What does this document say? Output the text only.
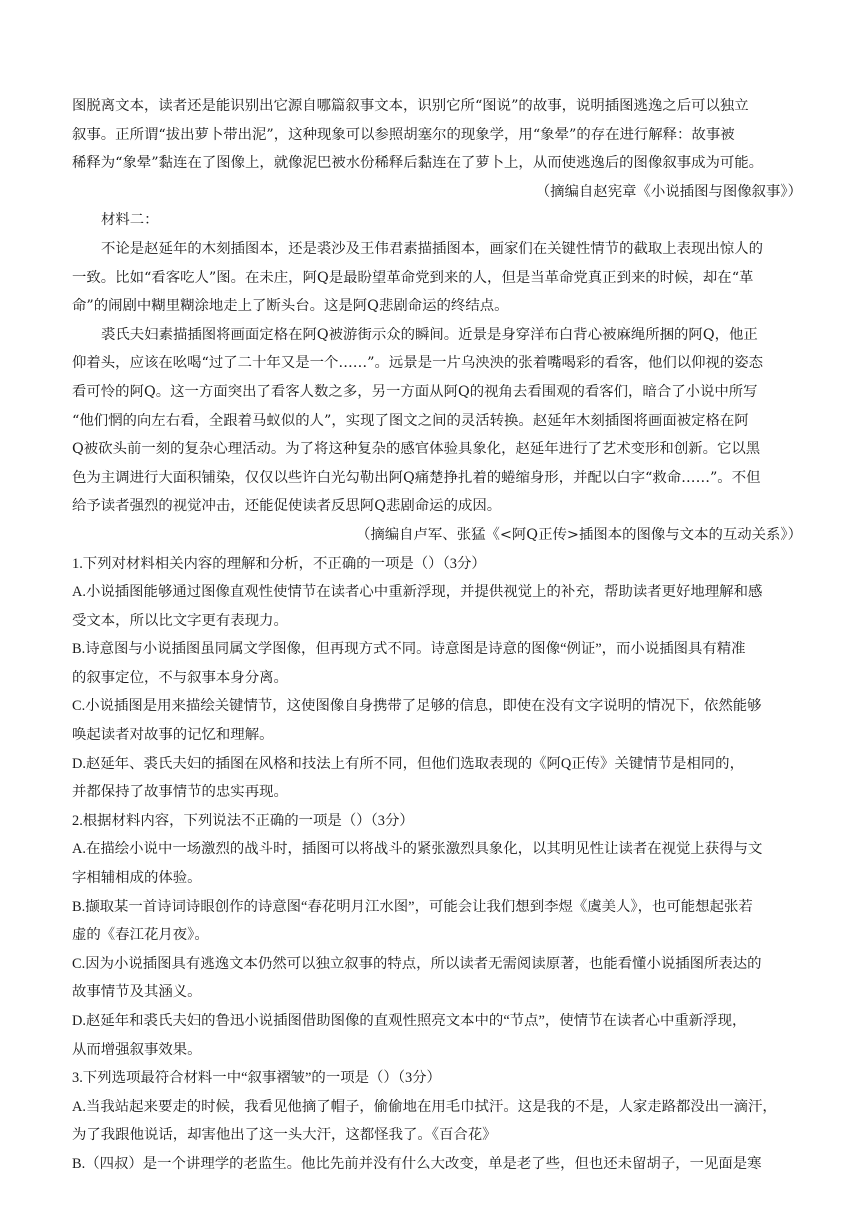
图脱离文本，读者还是能识别出它源自哪篇叙事文本，识别它所“图说”的故事，说明插图逃逸之后可以独立
叙事。正所谓“拔出萝卜带出泥”，这种现象可以参照胡塞尔的现象学，用“象晕”的存在进行解释：故事被
稀释为“象晕”黏连在了图像上，就像泥巴被水份稀释后黏连在了萝卜上，从而使逃逸后的图像叙事成为可能。
（摘编自赵宪章《小说插图与图像叙事》）
材料二：
不论是赵延年的木刻插图本，还是裘沙及王伟君素描插图本，画家们在关键性情节的截取上表现出惊人的
一致。比如“看客吃人”图。在未庄，阿Q是最盼望革命党到来的人，但是当革命党真正到来的时候，却在“革
命”的闹剧中糊里糊涂地走上了断头台。这是阿Q悲剧命运的终结点。
裘氏夫妇素描插图将画面定格在阿Q被游街示众的瞬间。近景是身穿洋布白背心被麻绳所捆的阿Q，他正
仰着头，应该在吆喝“过了二十年又是一个……”。远景是一片乌泱泱的张着嘴喝彩的看客，他们以仰视的姿态
看可怜的阿Q。这一方面突出了看客人数之多，另一方面从阿Q的视角去看围观的看客们，暗合了小说中所写
“他们惘的向左右看，全跟着马蚁似的人”，实现了图文之间的灵活转换。赵延年木刻插图将画面被定格在阿
Q被砍头前一刻的复杂心理活动。为了将这种复杂的感官体验具象化，赵延年进行了艺术变形和创新。它以黑
色为主调进行大面积铺染，仅仅以些许白光勾勒出阿Q痛楚挣扎着的蜷缩身形，并配以白字“救命……”。不但
给予读者强烈的视觉冲击，还能促使读者反思阿Q悲剧命运的成因。
（摘编自卢军、张猛《<阿Q正传>插图本的图像与文本的互动关系》）
1.下列对材料相关内容的理解和分析，不正确的一项是（）（3分）
A.小说插图能够通过图像直观性使情节在读者心中重新浮现，并提供视觉上的补充，帮助读者更好地理解和感
受文本，所以比文字更有表现力。
B.诗意图与小说插图虽同属文学图像，但再现方式不同。诗意图是诗意的图像“例证”，而小说插图具有精准
的叙事定位，不与叙事本身分离。
C.小说插图是用来描绘关键情节，这使图像自身携带了足够的信息，即使在没有文字说明的情况下，依然能够
唤起读者对故事的记忆和理解。
D.赵延年、裘氏夫妇的插图在风格和技法上有所不同，但他们选取表现的《阿Q正传》关键情节是相同的，
并都保持了故事情节的忠实再现。
2.根据材料内容，下列说法不正确的一项是（）（3分）
A.在描绘小说中一场激烈的战斗时，插图可以将战斗的紧张激烈具象化，以其明见性让读者在视觉上获得与文
字相辅相成的体验。
B.撷取某一首诗词诗眼创作的诗意图“春花明月江水图”，可能会让我们想到李煜《虞美人》，也可能想起张若
虚的《春江花月夜》。
C.因为小说插图具有逃逸文本仍然可以独立叙事的特点，所以读者无需阅读原著，也能看懂小说插图所表达的
故事情节及其涵义。
D.赵延年和裘氏夫妇的鲁迅小说插图借助图像的直观性照亮文本中的“节点”，使情节在读者心中重新浮现，
从而增强叙事效果。
3.下列选项最符合材料一中“叙事褶皱”的一项是（）（3分）
A.当我站起来要走的时候，我看见他摘了帽子，偷偷地在用毛巾拭汗。这是我的不是，人家走路都没出一滴汗，
为了我跟他说话，却害他出了这一头大汗，这都怪我了。《百合花》
B.（四叔）是一个讲理学的老监生。他比先前并没有什么大改变，单是老了些，但也还未留胡子，一见面是寒
